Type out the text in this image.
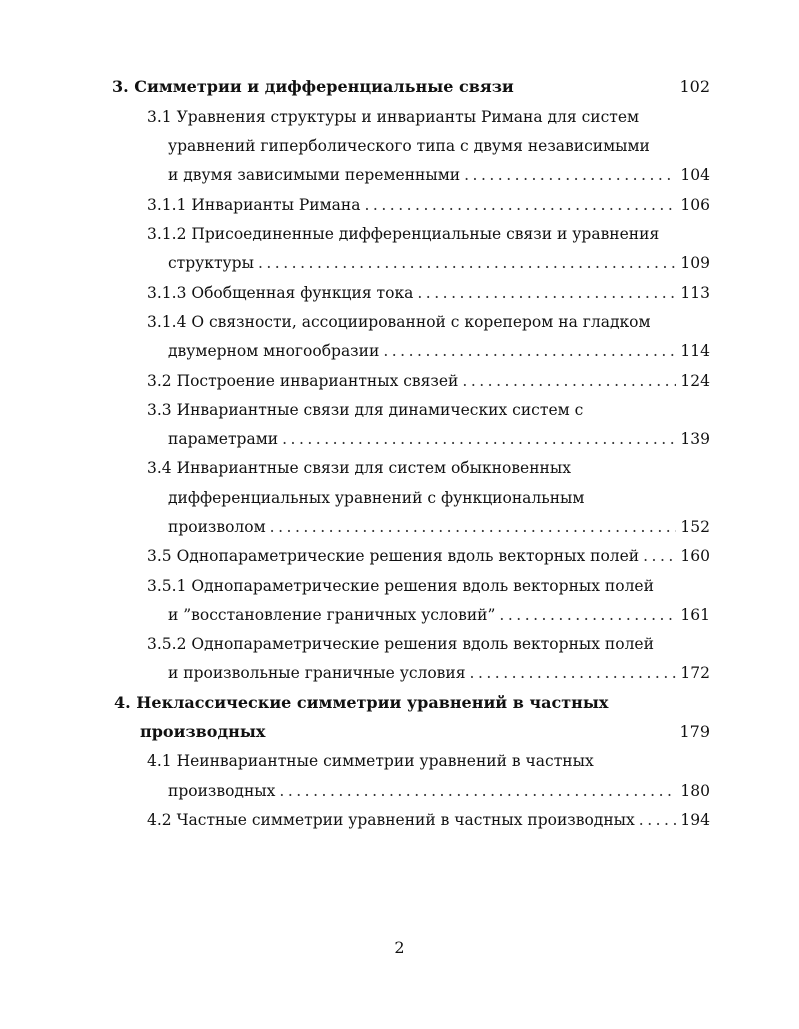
3. Симметрии и дифференциальные связи	102
3.1 Уравнения структуры и инварианты Римана для систем
уравнений гиперболического типа с двумя независимыми
и двумя зависимыми переменными .....	104
3.1.1 Инварианты Римана .....	106
3.1.2 Присоединенные дифференциальные связи и уравнения
структуры .....	109
3.1.3 Обобщенная функция тока .....	113
3.1.4 О связности, ассоциированной с корепером на гладком
двумерном многообразии .....	114
3.2 Построение инвариантных связей .....	124
3.3 Инвариантные связи для динамических систем с
параметрами .....	139
3.4 Инвариантные связи для систем обыкновенных
дифференциальных уравнений с функциональным
произволом .....	152
3.5 Однопараметрические решения вдоль векторных полей .....	160
3.5.1 Однопараметрические решения вдоль векторных полей
и ”восстановление граничных условий” .....	161
3.5.2 Однопараметрические решения вдоль векторных полей
и произвольные граничные условия .....	172
4. Неклассические симметрии уравнений в частных
производных	179
4.1 Неинвариантные симметрии уравнений в частных
производных .....	180
4.2 Частные симметрии уравнений в частных производных .....	194
2
